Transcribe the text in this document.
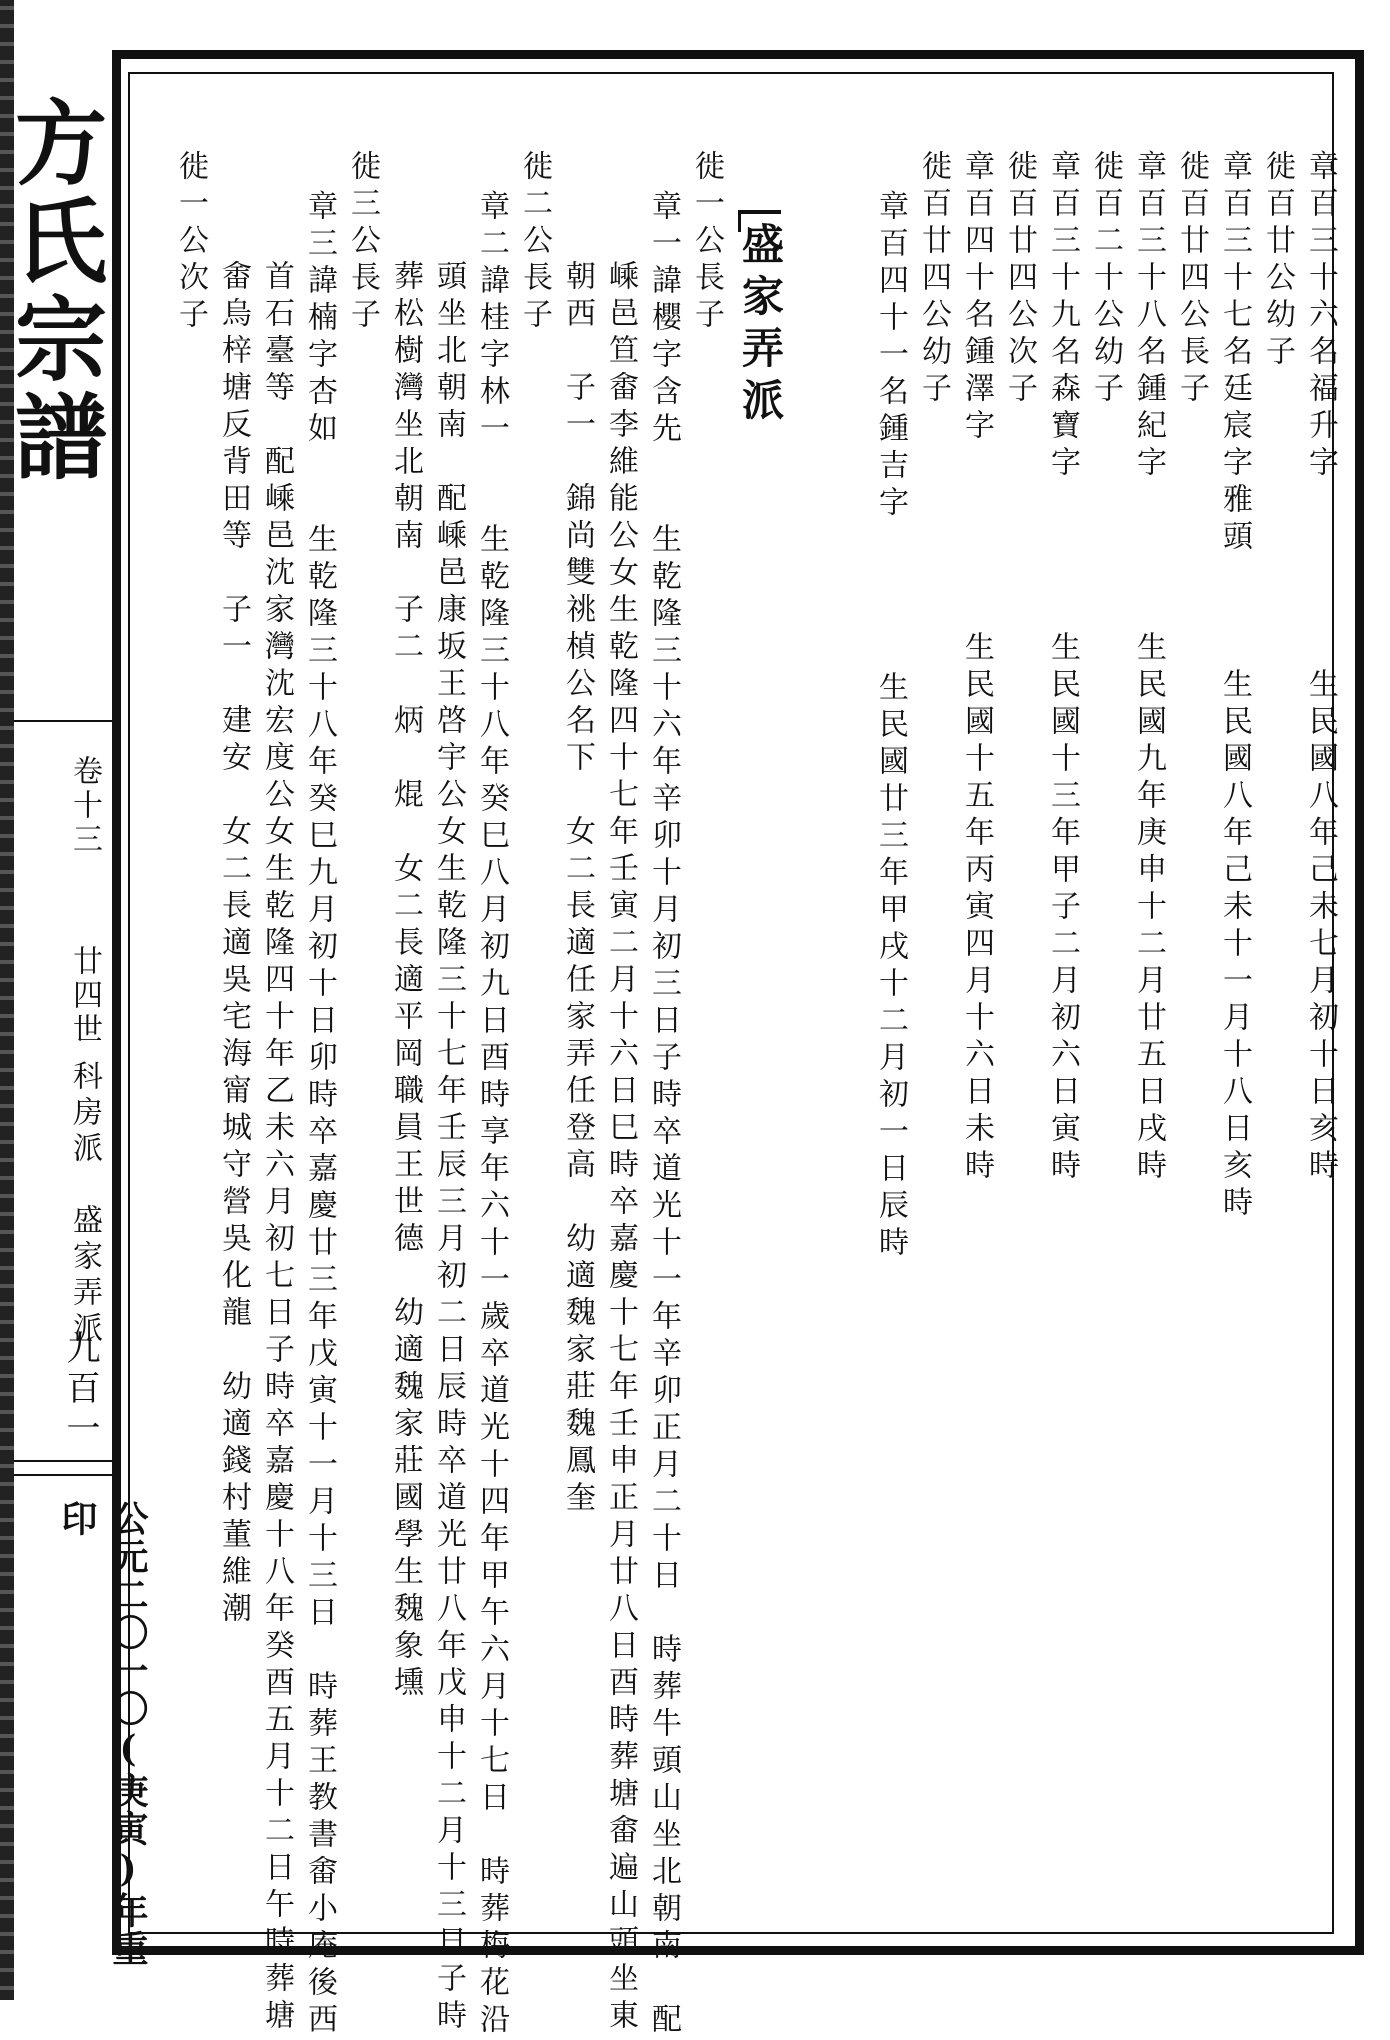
方氏宗譜
卷十三
廿四世
科房派　盛家弄派
九百一
公元二〇一〇(庚寅)年重印
盛家弄派	章百三十六名福升字　　　　　生民國八年己未七月初十日亥時
徙百廿公幼子
章百三十七名廷宸字雅頭　　　生民國八年己未十一月十八日亥時
徙百廿四公長子
章百三十八名鍾紀字　　　　生民國九年庚申十二月廿五日戌時
徙百二十公幼子
章百三十九名森寶字　　　　生民國十三年甲子二月初六日寅時
徙百廿四公次子
章百四十名鍾澤字　　　　　生民國十五年丙寅四月十六日未時
徙百廿四公幼子
章百四十一名鍾吉字　　　　生民國廿三年甲戌十二月初一日辰時
徙一公長子
章一諱櫻字含先　　生乾隆三十六年辛卯十月初三日子時卒道光十一年辛卯正月二十日　時葬牛頭山坐北朝南　配
嵊邑笪畬李維能公女生乾隆四十七年壬寅二月十六日巳時卒嘉慶十七年壬申正月廿八日酉時葬塘畬遍山頭坐東
朝西　子一　錦尚雙祧楨公名下　女二長適任家弄任登高　幼適魏家莊魏鳳奎
徙二公長子
章二諱桂字林一　　生乾隆三十八年癸巳八月初九日酉時享年六十一歲卒道光十四年甲午六月十七日　時葬梅花沿
頭坐北朝南　配嵊邑康坂王啓宇公女生乾隆三十七年壬辰三月初二日辰時卒道光廿八年戊申十二月十三日子時
葬松樹灣坐北朝南　子二　炳　焜　女二長適平岡職員王世德　幼適魏家莊國學生魏象壎
徙三公長子
章三諱楠字杏如　　生乾隆三十八年癸巳九月初十日卯時卒嘉慶廿三年戊寅十一月十三日　時葬王教書畬小庵後西
首石臺等　配嵊邑沈家灣沈宏度公女生乾隆四十年乙未六月初七日子時卒嘉慶十八年癸酉五月十二日午時葬塘
畬烏梓塘反背田等　子一　建安　女二長適吳宅海甯城守營吳化龍　幼適錢村董維潮
徙一公次子
